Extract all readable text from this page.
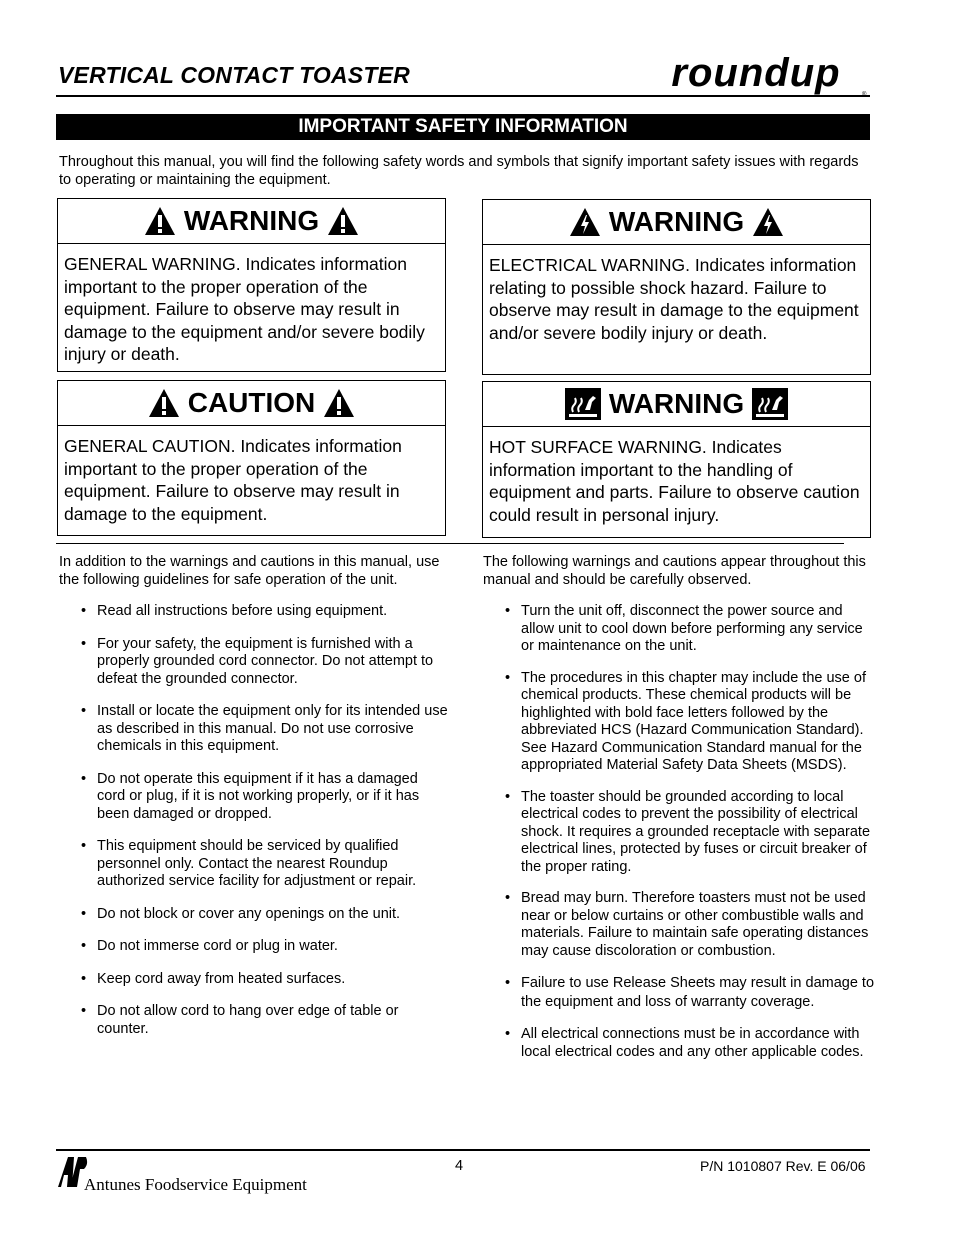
VERTICAL CONTACT TOASTER	roundup
IMPORTANT SAFETY INFORMATION
Throughout this manual, you will find the following safety words and symbols that signify important safety issues with regards to operating or maintaining the equipment.
WARNING
GENERAL WARNING. Indicates information important to the proper operation of the equipment. Failure to observe may result in damage to the equipment and/or severe bodily injury or death.
WARNING
ELECTRICAL WARNING. Indicates information relating to possible shock hazard. Failure to observe may result in damage to the equipment and/or severe bodily injury or death.
CAUTION
GENERAL CAUTION. Indicates information important to the proper operation of the equipment. Failure to observe may result in damage to the equipment.
WARNING
HOT SURFACE WARNING. Indicates information important to the handling of equipment and parts. Failure to observe caution could result in personal injury.

In addition to the warnings and cautions in this manual, use the following guidelines for safe operation of the unit.

• Read all instructions before using equipment.
• For your safety, the equipment is furnished with a properly grounded cord connector. Do not attempt to defeat the grounded connector.
• Install or locate the equipment only for its intended use as described in this manual. Do not use corrosive chemicals in this equipment.
• Do not operate this equipment if it has a damaged cord or plug, if it is not working properly, or if it has been damaged or dropped.
• This equipment should be serviced by qualified personnel only. Contact the nearest Roundup authorized service facility for adjustment or repair.
• Do not block or cover any openings on the unit.
• Do not immerse cord or plug in water.
• Keep cord away from heated surfaces.
• Do not allow cord to hang over edge of table or counter.

The following warnings and cautions appear throughout this manual and should be carefully observed.

• Turn the unit off, disconnect the power source and allow unit to cool down before performing any service or maintenance on the unit.
• The procedures in this chapter may include the use of chemical products. These chemical products will be highlighted with bold face letters followed by the abbreviated HCS (Hazard Communication Standard). See Hazard Communication Standard manual for the appropriated Material Safety Data Sheets (MSDS).
• The toaster should be grounded according to local electrical codes to prevent the possibility of electrical shock. It requires a grounded receptacle with separate electrical lines, protected by fuses or circuit breaker of the proper rating.
• Bread may burn. Therefore toasters must not be used near or below curtains or other combustible walls and materials. Failure to maintain safe operating distances may cause discoloration or combustion.
• Failure to use Release Sheets may result in damage to the equipment and loss of warranty coverage.
• All electrical connections must be in accordance with local electrical codes and any other applicable codes.
Antunes Foodservice Equipment
4	P/N 1010807 Rev. E 06/06
